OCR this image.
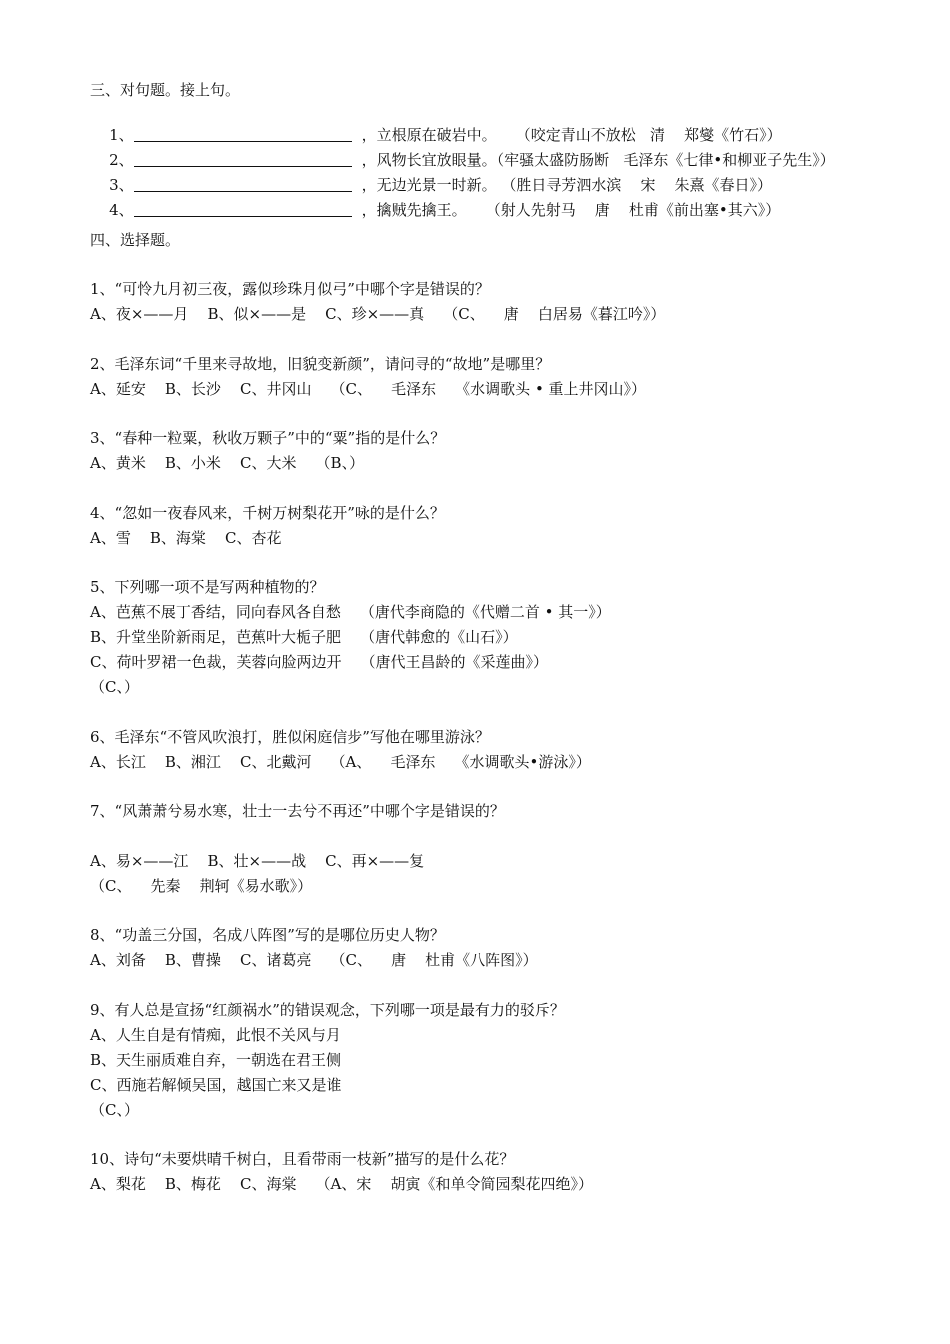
三、对句题。接上句。

1、	，立根原在破岩中。    （咬定青山不放松   清    郑燮《竹石》）

2、	，风物长宜放眼量。（牢骚太盛防肠断   毛泽东《七律•和柳亚子先生》）

3、	，无边光景一时新。 （胜日寻芳泗水滨    宋    朱熹《春日》）

4、	，擒贼先擒王。    （射人先射马    唐    杜甫《前出塞•其六》）

四、选择题。
1、“可怜九月初三夜，露似珍珠月似弓”中哪个字是错误的？
A、夜×——月    B、似×——是    C、珍×——真    （C、    唐    白居易《暮江吟》）
2、毛泽东词“千里来寻故地，旧貌变新颜”，请问寻的“故地”是哪里？
A、延安    B、长沙    C、井冈山    （C、    毛泽东    《水调歌头 • 重上井冈山》）
3、“春种一粒粟，秋收万颗子”中的“粟”指的是什么？
A、黄米    B、小米    C、大米    （B、）
4、“忽如一夜春风来，千树万树梨花开”咏的是什么？
A、雪    B、海棠    C、杏花
5、下列哪一项不是写两种植物的？
A、芭蕉不展丁香结，同向春风各自愁    （唐代李商隐的《代赠二首 • 其一》）
B、升堂坐阶新雨足，芭蕉叶大栀子肥    （唐代韩愈的《山石》）
C、荷叶罗裙一色裁，芙蓉向脸两边开    （唐代王昌龄的《采莲曲》）
（C、）
6、毛泽东“不管风吹浪打，胜似闲庭信步”写他在哪里游泳？
A、长江    B、湘江    C、北戴河    （A、    毛泽东    《水调歌头•游泳》）
7、“风萧萧兮易水寒，壮士一去兮不再还”中哪个字是错误的？
A、易×——江    B、壮×——战    C、再×——复
（C、    先秦    荆轲《易水歌》）
8、“功盖三分国，名成八阵图”写的是哪位历史人物？
A、刘备    B、曹操    C、诸葛亮    （C、    唐    杜甫《八阵图》）
9、有人总是宣扬“红颜祸水”的错误观念，下列哪一项是最有力的驳斥？
A、人生自是有情痴，此恨不关风与月
B、天生丽质难自弃，一朝选在君王侧
C、西施若解倾吴国，越国亡来又是谁
（C、）
10、诗句“未要烘晴千树白，且看带雨一枝新”描写的是什么花？
A、梨花    B、梅花    C、海棠    （A、宋    胡寅《和单令简园梨花四绝》）
